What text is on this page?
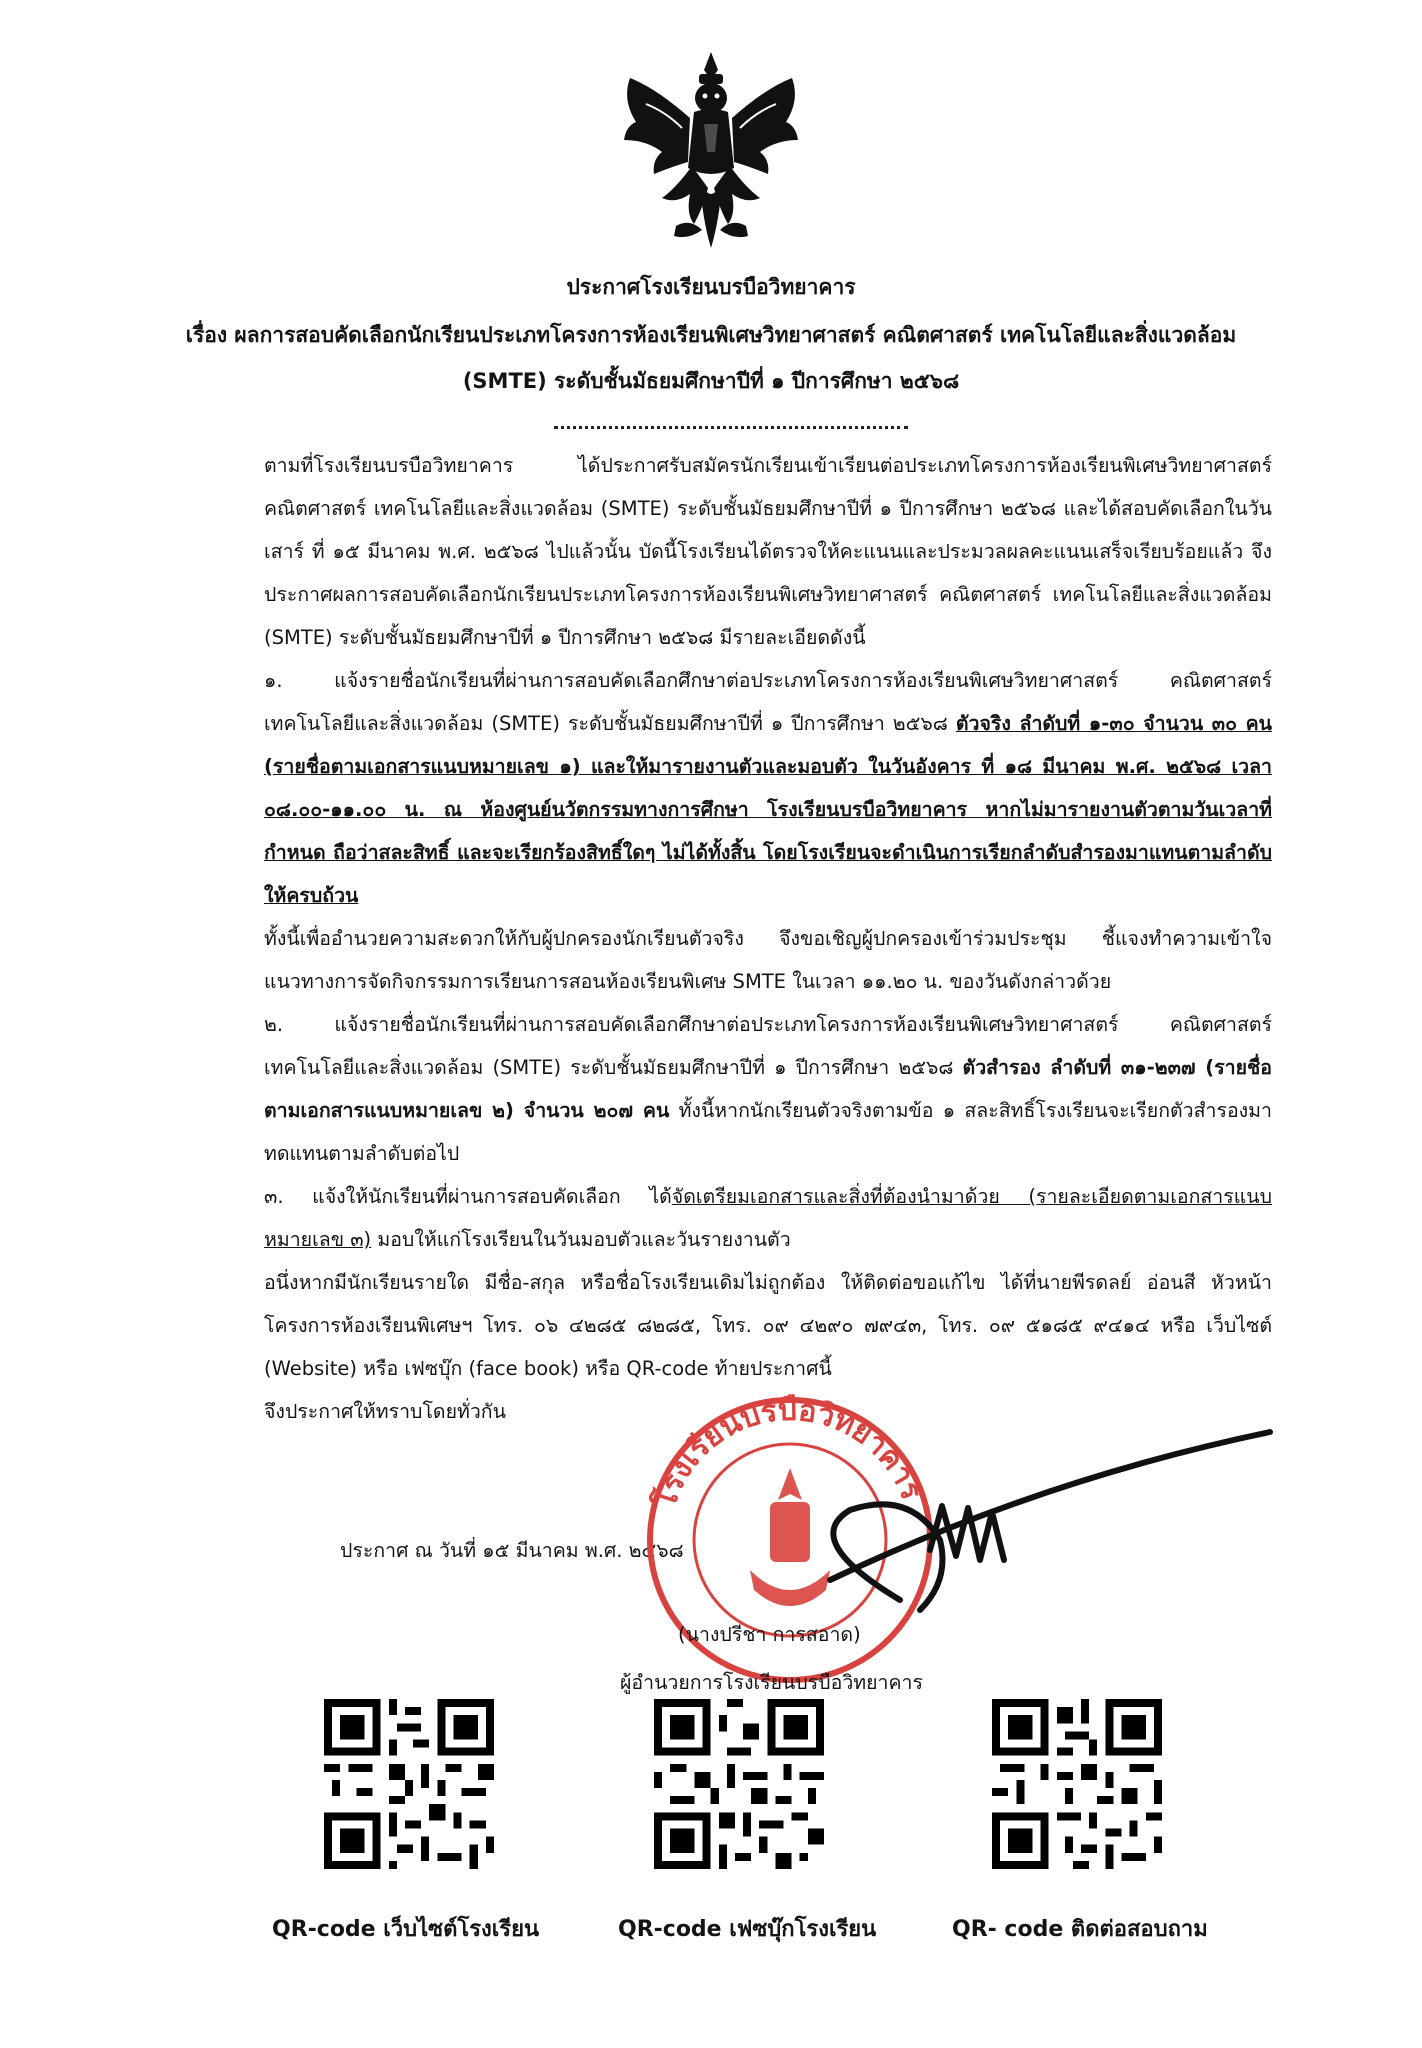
ประกาศโรงเรียนบรบือวิทยาคาร
เรื่อง ผลการสอบคัดเลือกนักเรียนประเภทโครงการห้องเรียนพิเศษวิทยาศาสตร์ คณิตศาสตร์ เทคโนโลยีและสิ่งแวดล้อม
(SMTE) ระดับชั้นมัธยมศึกษาปีที่ ๑ ปีการศึกษา ๒๕๖๘

ตามที่โรงเรียนบรบือวิทยาคาร ได้ประกาศรับสมัครนักเรียนเข้าเรียนต่อประเภทโครงการห้องเรียนพิเศษวิทยาศาสตร์ คณิตศาสตร์ เทคโนโลยีและสิ่งแวดล้อม (SMTE) ระดับชั้นมัธยมศึกษาปีที่ ๑ ปีการศึกษา ๒๕๖๘ และได้สอบคัดเลือกในวันเสาร์ ที่ ๑๕ มีนาคม พ.ศ. ๒๕๖๘ ไปแล้วนั้น บัดนี้โรงเรียนได้ตรวจให้คะแนนและประมวลผลคะแนนเสร็จเรียบร้อยแล้ว จึงประกาศผลการสอบคัดเลือกนักเรียนประเภทโครงการห้องเรียนพิเศษวิทยาศาสตร์ คณิตศาสตร์ เทคโนโลยีและสิ่งแวดล้อม (SMTE) ระดับชั้นมัธยมศึกษาปีที่ ๑ ปีการศึกษา ๒๕๖๘ มีรายละเอียดดังนี้

๑. แจ้งรายชื่อนักเรียนที่ผ่านการสอบคัดเลือกศึกษาต่อประเภทโครงการห้องเรียนพิเศษวิทยาศาสตร์ คณิตศาสตร์ เทคโนโลยีและสิ่งแวดล้อม (SMTE) ระดับชั้นมัธยมศึกษาปีที่ ๑ ปีการศึกษา ๒๕๖๘ ตัวจริง ลำดับที่ ๑-๓๐ จำนวน ๓๐ คน (รายชื่อตามเอกสารแนบหมายเลข ๑) และให้มารายงานตัวและมอบตัว ในวันอังคาร ที่ ๑๘ มีนาคม พ.ศ. ๒๕๖๘ เวลา ๐๘.๐๐-๑๑.๐๐ น. ณ ห้องศูนย์นวัตกรรมทางการศึกษา โรงเรียนบรบือวิทยาคาร หากไม่มารายงานตัวตามวันเวลาที่กำหนด ถือว่าสละสิทธิ์ และจะเรียกร้องสิทธิ์ใดๆ ไม่ได้ทั้งสิ้น โดยโรงเรียนจะดำเนินการเรียกลำดับสำรองมาแทนตามลำดับให้ครบถ้วน

ทั้งนี้เพื่ออำนวยความสะดวกให้กับผู้ปกครองนักเรียนตัวจริง จึงขอเชิญผู้ปกครองเข้าร่วมประชุม ชี้แจงทำความเข้าใจ แนวทางการจัดกิจกรรมการเรียนการสอนห้องเรียนพิเศษ SMTE ในเวลา ๑๑.๒๐ น. ของวันดังกล่าวด้วย

๒. แจ้งรายชื่อนักเรียนที่ผ่านการสอบคัดเลือกศึกษาต่อประเภทโครงการห้องเรียนพิเศษวิทยาศาสตร์ คณิตศาสตร์ เทคโนโลยีและสิ่งแวดล้อม (SMTE) ระดับชั้นมัธยมศึกษาปีที่ ๑ ปีการศึกษา ๒๕๖๘ ตัวสำรอง ลำดับที่ ๓๑-๒๓๗ (รายชื่อตามเอกสารแนบหมายเลข ๒) จำนวน ๒๐๗ คน ทั้งนี้หากนักเรียนตัวจริงตามข้อ ๑ สละสิทธิ์โรงเรียนจะเรียกตัวสำรองมาทดแทนตามลำดับต่อไป

๓. แจ้งให้นักเรียนที่ผ่านการสอบคัดเลือก ได้จัดเตรียมเอกสารและสิ่งที่ต้องนำมาด้วย (รายละเอียดตามเอกสารแนบหมายเลข ๓) มอบให้แก่โรงเรียนในวันมอบตัวและวันรายงานตัว

อนึ่งหากมีนักเรียนรายใด มีชื่อ-สกุล หรือชื่อโรงเรียนเดิมไม่ถูกต้อง ให้ติดต่อขอแก้ไข ได้ที่นายพีรดลย์ อ่อนสี หัวหน้าโครงการห้องเรียนพิเศษฯ โทร. ๐๖ ๔๒๘๕ ๘๒๘๕, โทร. ๐๙ ๔๒๙๐ ๗๙๔๓, โทร. ๐๙ ๕๑๘๕ ๙๔๑๔ หรือ เว็บไซต์ (Website) หรือ เฟซบุ๊ก (face book) หรือ QR-code ท้ายประกาศนี้

จึงประกาศให้ทราบโดยทั่วกัน

ประกาศ ณ วันที่ ๑๕ มีนาคม พ.ศ. ๒๕๖๘
โรงเรียนบรบือวิทยาคาร
(นางปรีชา การสอาด)
ผู้อำนวยการโรงเรียนบรบือวิทยาคาร
QR-code เว็บไซต์โรงเรียน	QR-code เฟซบุ๊กโรงเรียน	QR- code ติดต่อสอบถาม
